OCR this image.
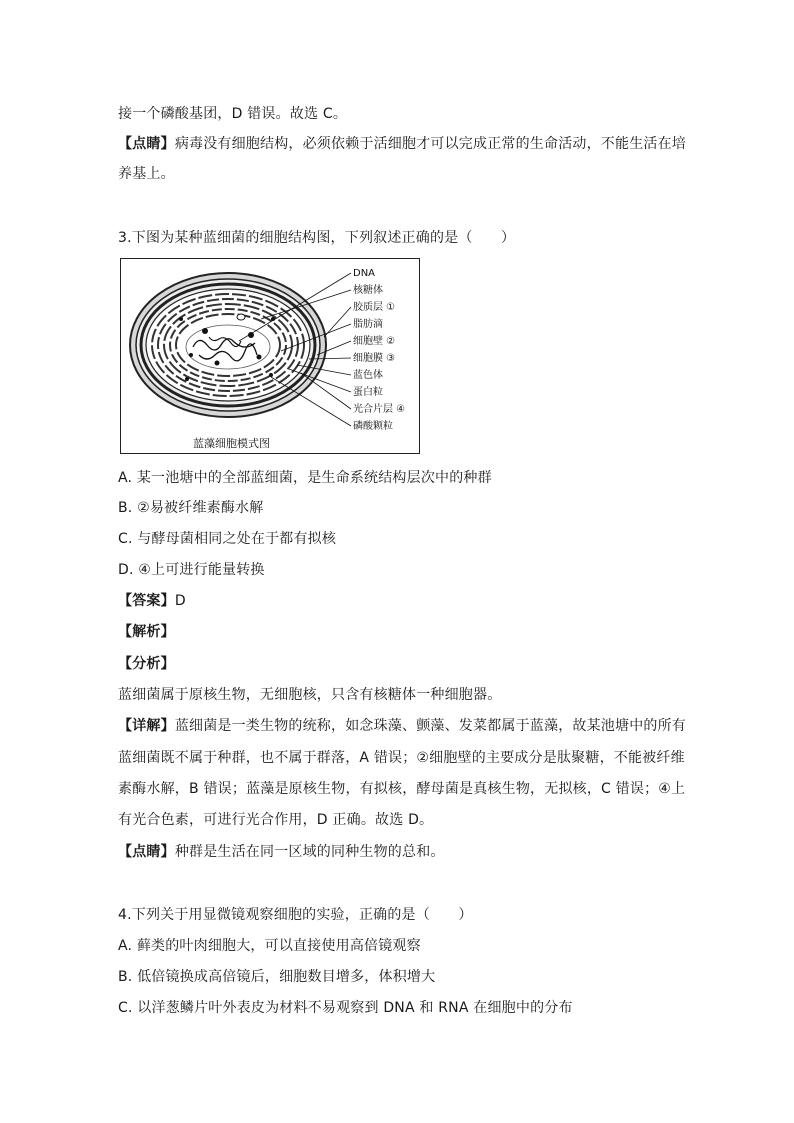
接一个磷酸基团，D 错误。故选 C。
【点睛】病毒没有细胞结构，必须依赖于活细胞才可以完成正常的生命活动，不能生活在培
养基上。
3.下图为某种蓝细菌的细胞结构图，下列叙述正确的是（　　）
DNA
核糖体
胶质层 ①
脂肪滴
细胞壁 ②
细胞膜 ③
蓝色体
蛋白粒
光合片层 ④
磷酸颗粒
蓝藻细胞模式图
A. 某一池塘中的全部蓝细菌，是生命系统结构层次中的种群
B. ②易被纤维素酶水解
C. 与酵母菌相同之处在于都有拟核
D. ④上可进行能量转换
【答案】D
【解析】
【分析】
蓝细菌属于原核生物，无细胞核，只含有核糖体一种细胞器。
【详解】蓝细菌是一类生物的统称，如念珠藻、颤藻、发菜都属于蓝藻，故某池塘中的所有
蓝细菌既不属于种群，也不属于群落，A 错误；②细胞壁的主要成分是肽聚糖，不能被纤维
素酶水解，B 错误；蓝藻是原核生物，有拟核，酵母菌是真核生物，无拟核，C 错误；④上
有光合色素，可进行光合作用，D 正确。故选 D。
【点睛】种群是生活在同一区域的同种生物的总和。
4.下列关于用显微镜观察细胞的实验，正确的是（　　）
A. 藓类的叶肉细胞大，可以直接使用高倍镜观察
B. 低倍镜换成高倍镜后，细胞数目增多，体积增大
C. 以洋葱鳞片叶外表皮为材料不易观察到 DNA 和 RNA 在细胞中的分布
